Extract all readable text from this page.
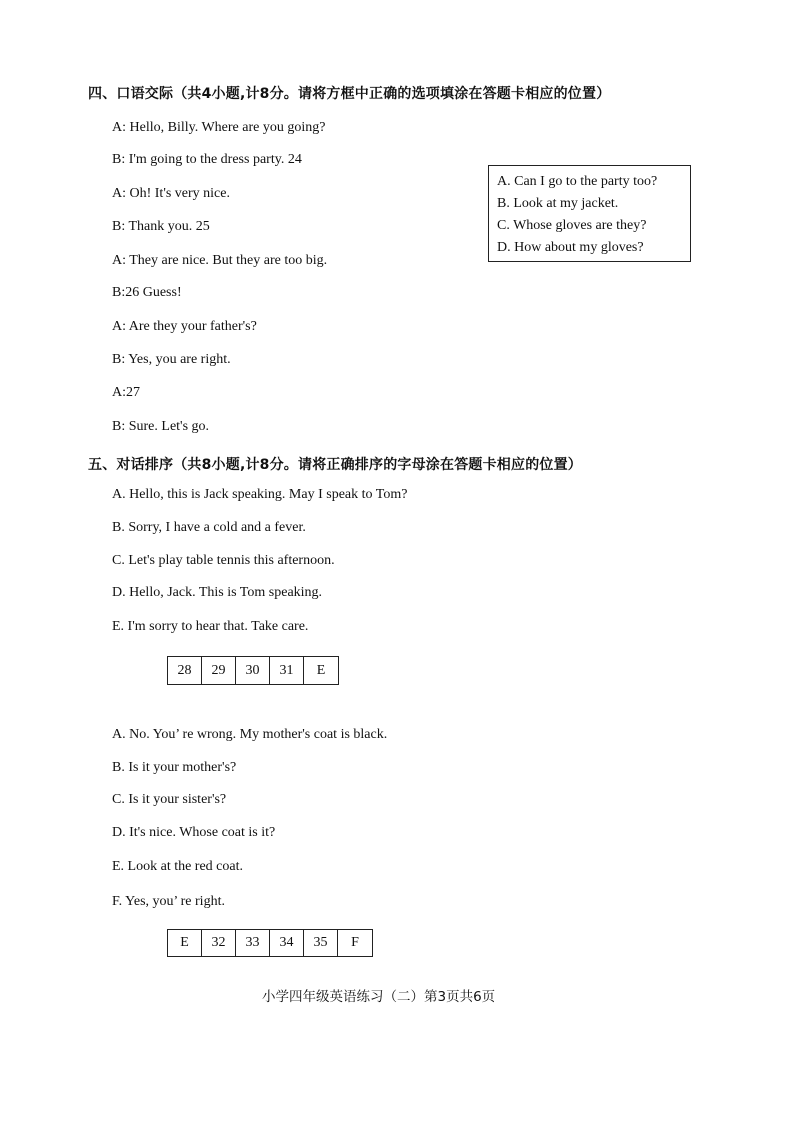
四、口语交际（共4小题,计8分。请将方框中正确的选项填涂在答题卡相应的位置）
A: Hello, Billy. Where are you going?
B: I'm going to the dress party. 24
A: Oh! It's very nice.
B: Thank you. 25
A: They are nice. But they are too big.
B:26 Guess!
A: Are they your father's?
B: Yes, you are right.
A:27
B: Sure. Let's go.
A. Can I go to the party too?
B. Look at my jacket.
C. Whose gloves are they?
D. How about my gloves?
五、对话排序（共8小题,计8分。请将正确排序的字母涂在答题卡相应的位置）
A. Hello, this is Jack speaking. May I speak to Tom?
B. Sorry, I have a cold and a fever.
C. Let's play table tennis this afternoon.
D. Hello, Jack. This is Tom speaking.
E. I'm sorry to hear that. Take care.
28	29	30	31	E
A. No. You’ re wrong. My mother's coat is black.
B. Is it your mother's?
C. Is it your sister's?
D. It's nice. Whose coat is it?
E. Look at the red coat.
F. Yes, you’ re right.
E	32	33	34	35	F
小学四年级英语练习（二）第3页共6页
